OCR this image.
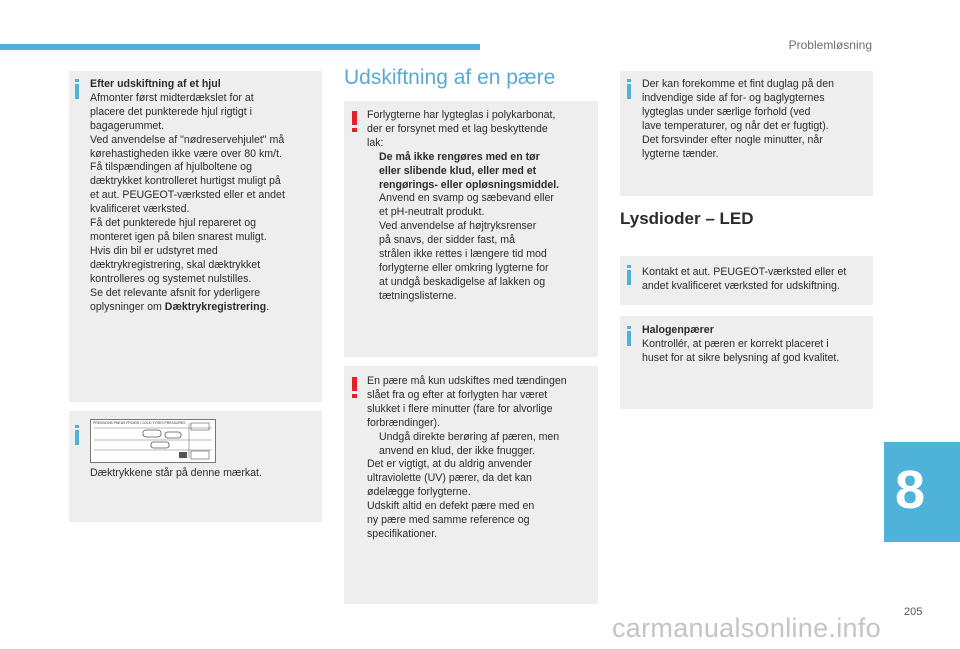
Problemløsning

Efter udskiftning af et hjul

Afmonter først midterdækslet for at

placere det punkterede hjul rigtigt i

bagagerummet.

Ved anvendelse af "nødreservehjulet" må

kørehastigheden ikke være over 80 km/t.

Få tilspændingen af hjulboltene og

dæktrykket kontrolleret hurtigst muligt på

et aut. PEUGEOT-værksted eller et andet

kvalificeret værksted.

Få det punkterede hjul repareret og

monteret igen på bilen snarest muligt.

Hvis din bil er udstyret med

dæktrykregistrering, skal dæktrykket

kontrolleres og systemet nulstilles.

Se det relevante afsnit for yderligere

oplysninger om Dæktrykregistrering.

PRESSIONS PNEUS FROIDS / COLD TYRES PRESSURES
Dæktrykkene står på denne mærkat.
Udskiftning af en pære

Forlygterne har lygteglas i polykarbonat,

der er forsynet med et lag beskyttende

lak:

De må ikke rengøres med en tør
eller slibende klud, eller med et
rengørings- eller opløsningsmiddel.
Anvend en svamp og sæbevand eller
et pH-neutralt produkt.
Ved anvendelse af højtryksrenser
på snavs, der sidder fast, må
strålen ikke rettes i længere tid mod
forlygterne eller omkring lygterne for
at undgå beskadigelse af lakken og
tætningslisterne.

En pære må kun udskiftes med tændingen

slået fra og efter at forlygten har været

slukket i flere minutter (fare for alvorlige

forbrændinger).

Undgå direkte berøring af pæren, men
anvend en klud, der ikke fnugger.

Det er vigtigt, at du aldrig anvender

ultraviolette (UV) pærer, da det kan

ødelægge forlygterne.

Udskift altid en defekt pære med en

ny pære med samme reference og

specifikationer.

Der kan forekomme et fint duglag på den

indvendige side af for- og baglygternes

lygteglas under særlige forhold (ved

lave temperaturer, og når det er fugtigt).

Det forsvinder efter nogle minutter, når

lygterne tænder.

Lysdioder – LED

Kontakt et aut. PEUGEOT-værksted eller et

andet kvalificeret værksted for udskiftning.

Halogenpærer

Kontrollér, at pæren er korrekt placeret i

huset for at sikre belysning af god kvalitet.

8
205
carmanualsonline.info
